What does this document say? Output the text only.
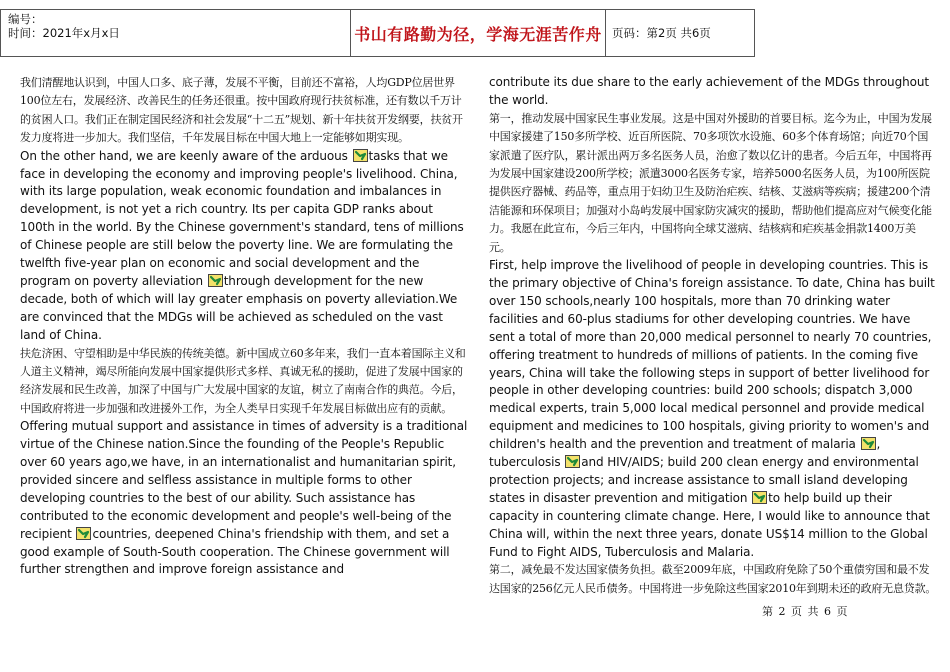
编号：
时间：2021年x月x日	书山有路勤为径，学海无涯苦作舟 页码：第2页 共6页

我们清醒地认识到，中国人口多、底子薄，发展不平衡，目前还不富裕，人均GDP位居世界100位左右，发展经济、改善民生的任务还很重。按中国政府现行扶贫标准，还有数以千万计的贫困人口。我们正在制定国民经济和社会发展“十二五”规划、新十年扶贫开发纲要，扶贫开发力度将进一步加大。我们坚信，千年发展目标在中国大地上一定能够如期实现。

On the other hand, we are keenly aware of the arduous
tasks that we face in developing the economy and improving people's livelihood. China, with its large population, weak economic foundation and imbalances in development, is not yet a rich country. Its per capita GDP ranks about 100th in the world. By the Chinese government's standard, tens of millions of Chinese people are still below the poverty line. We are formulating the twelfth five-year plan on economic and social development and the program on poverty alleviation
through development for the new decade, both of which will lay greater emphasis on poverty alleviation.We are convinced that the MDGs will be achieved as scheduled on the vast land of China.

扶危济困、守望相助是中华民族的传统美德。新中国成立60多年来，我们一直本着国际主义和人道主义精神，竭尽所能向发展中国家提供形式多样、真诚无私的援助，促进了发展中国家的经济发展和民生改善，加深了中国与广大发展中国家的友谊，树立了南南合作的典范。今后，中国政府将进一步加强和改进援外工作，为全人类早日实现千年发展目标做出应有的贡献。

Offering mutual support and assistance in times of adversity is a traditional virtue of the Chinese nation.Since the founding of the People's Republic over 60 years ago,we have, in an internationalist and humanitarian spirit, provided sincere and selfless assistance in multiple forms to other developing countries to the best of our ability. Such assistance has contributed to the economic development and people's well-being of the recipient
countries, deepened China's friendship with them, and set a good example of South-South cooperation. The Chinese government will further strengthen and improve foreign assistance and

contribute its due share to the early achievement of the MDGs throughout the world.

第一，推动发展中国家民生事业发展。这是中国对外援助的首要目标。迄今为止，中国为发展中国家援建了150多所学校、近百所医院、70多项饮水设施、60多个体育场馆；向近70个国家派遣了医疗队，累计派出两万多名医务人员，治愈了数以亿计的患者。今后五年，中国将再为发展中国家建设200所学校；派遣3000名医务专家，培养5000名医务人员，为100所医院提供医疗器械、药品等，重点用于妇幼卫生及防治疟疾、结核、艾滋病等疾病；援建200个清洁能源和环保项目；加强对小岛屿发展中国家防灾减灾的援助，帮助他们提高应对气候变化能力。我愿在此宣布，今后三年内，中国将向全球艾滋病、结核病和疟疾基金捐款1400万美元。

First, help improve the livelihood of people in developing countries. This is the primary objective of China's foreign assistance. To date, China has built over 150 schools,nearly 100 hospitals, more than 70 drinking water facilities and 60-plus stadiums for other developing countries. We have sent a total of more than 20,000 medical personnel to nearly 70 countries, offering treatment to hundreds of millions of patients. In the coming five years, China will take the following steps in support of better livelihood for people in other developing countries: build 200 schools; dispatch 3,000 medical experts, train 5,000 local medical personnel and provide medical equipment and medicines to 100 hospitals, giving priority to women's and children's health and the prevention and treatment of malaria
, tuberculosis
and HIV/AIDS; build 200 clean energy and environmental protection projects; and increase assistance to small island developing states in disaster prevention and mitigation
to help build up their capacity in countering climate change. Here, I would like to announce that China will, within the next three years, donate US$14 million to the Global Fund to Fight AIDS, Tuberculosis and Malaria.

第二，减免最不发达国家债务负担。截至2009年底，中国政府免除了50个重债穷国和最不发达国家的256亿元人民币债务。中国将进一步免除这些国家2010年到期未还的政府无息贷款。

第 2 页 共 6 页
